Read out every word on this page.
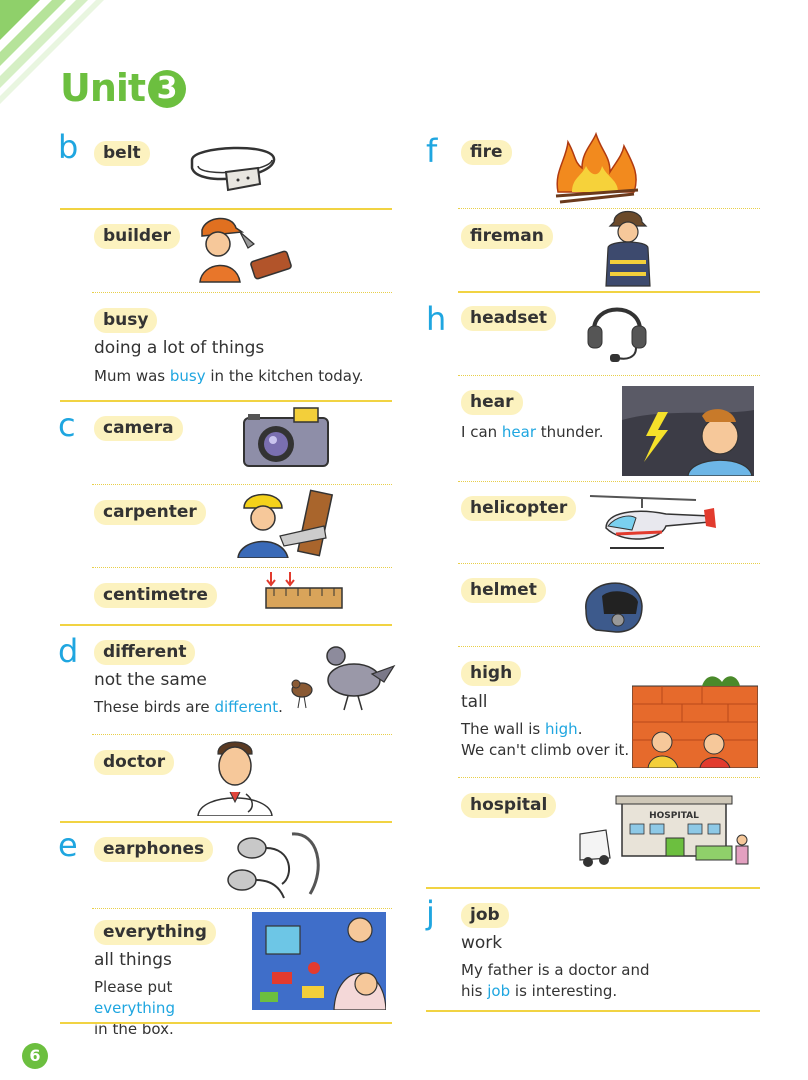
Unit 3
b	belt
builder
busy
doing a lot of things
Mum was busy in the kitchen today.
c	camera
carpenter
centimetre
d	different
not the same
These birds are different.
doctor
e	earphones
everything
all things
Please put everything
in the box.
f	fire
fireman
h	headset
hear
I can hear thunder.
helicopter
helmet
high
tall
The wall is high.
We can't climb over it.
hospital
HOSPITAL
j	job
work
My father is a doctor and
his job is interesting.
6
